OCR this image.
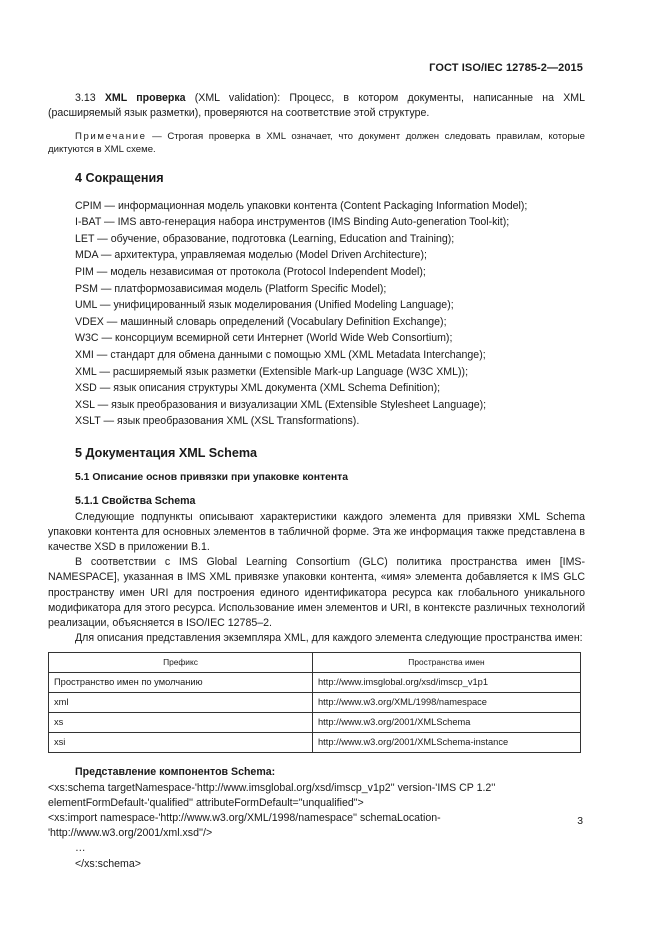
ГОСТ ISO/IEC 12785-2—2015

3.13 XML проверка (XML validation): Процесс, в котором документы, написанные на XML (расширяемый язык разметки), проверяются на соответствие этой структуре.

Примечание — Строгая проверка в XML означает, что документ должен следовать правилам, которые диктуются в XML схеме.

4 Сокращения
CPIM — информационная модель упаковки контента (Content Packaging Information Model);
I-BAT — IMS авто-генерация набора инструментов (IMS Binding Auto-generation Tool-kit);
LET — обучение, образование, подготовка (Learning, Education and Training);
MDA — архитектура, управляемая моделью (Model Driven Architecture);
PIM — модель независимая от протокола (Protocol Independent Model);
PSM — платформозависимая модель (Platform Specific Model);
UML — унифицированный язык моделирования (Unified Modeling Language);
VDEX — машинный словарь определений (Vocabulary Definition Exchange);
W3C — консорциум всемирной сети Интернет (World Wide Web Consortium);
XMI — стандарт для обмена данными с помощью XML (XML Metadata Interchange);
XML — расширяемый язык разметки (Extensible Mark-up Language (W3C XML));
XSD — язык описания структуры XML документа (XML Schema Definition);
XSL — язык преобразования и визуализации XML (Extensible Stylesheet Language);
XSLT — язык преобразования XML (XSL Transformations).
5 Документация XML Schema
5.1 Описание основ привязки при упаковке контента

5.1.1 Свойства Schema

Следующие подпункты описывают характеристики каждого элемента для привязки XML Schema упаковки контента для основных элементов в табличной форме. Эта же информация также представлена в качестве XSD в приложении B.1.

В соответствии с IMS Global Learning Consortium (GLC) политика пространства имен [IMS-NAMESPACE], указанная в IMS XML привязке упаковки контента, «имя» элемента добавляется к IMS GLC пространству имен URI для построения единого идентификатора ресурса как глобального уникального модификатора для этого ресурса. Использование имен элементов и URI, в контексте различных технологий реализации, объясняется в ISO/IEC 12785–2.

Для описания представления экземпляра XML, для каждого элемента следующие пространства имен:

Префикс	Пространства имен
Пространство имен по умолчанию	http://www.imsglobal.org/xsd/imscp_v1p1
xml	http://www.w3.org/XML/1998/namespace
xs	http://www.w3.org/2001/XMLSchema
xsi	http://www.w3.org/2001/XMLSchema-instance

Представление компонентов Schema:

<xs:schema targetNamespace-'http://www.imsglobal.org/xsd/imscp_v1p2'' version-'IMS CP 1.2'' elementFormDefault-'qualified'' attributeFormDefault="unqualified">

<xs:import namespace-'http://www.w3.org/XML/1998/namespace'' schemaLocation-'http://www.w3.org/2001/xml.xsd''/>

…

</xs:schema>

3
